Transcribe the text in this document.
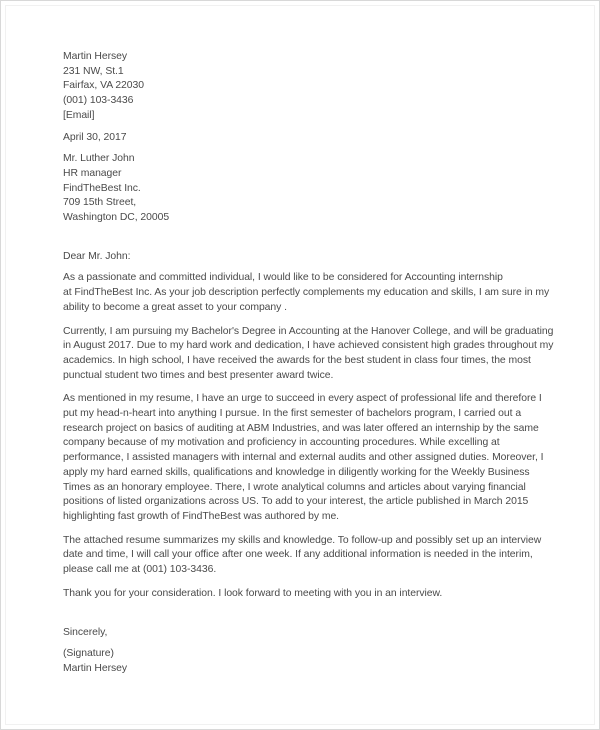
Martin Hersey
231 NW, St.1
Fairfax, VA 22030
(001) 103-3436
[Email]
April 30, 2017
Mr. Luther John
HR manager
FindTheBest Inc.
709 15th Street,
Washington DC, 20005
Dear Mr. John:
As a passionate and committed individual, I would like to be considered for Accounting internship
at FindTheBest Inc. As your job description perfectly complements my education and skills, I am sure in my
ability to become a great asset to your company .
Currently, I am pursuing my Bachelor's Degree in Accounting at the Hanover College, and will be graduating
in August 2017. Due to my hard work and dedication, I have achieved consistent high grades throughout my
academics. In high school, I have received the awards for the best student in class four times, the most
punctual student two times and best presenter award twice.
As mentioned in my resume, I have an urge to succeed in every aspect of professional life and therefore I
put my head-n-heart into anything I pursue. In the first semester of bachelors program, I carried out a
research project on basics of auditing at ABM Industries, and was later offered an internship by the same
company because of my motivation and proficiency in accounting procedures. While excelling at
performance, I assisted managers with internal and external audits and other assigned duties. Moreover, I
apply my hard earned skills, qualifications and knowledge in diligently working for the Weekly Business
Times as an honorary employee. There, I wrote analytical columns and articles about varying financial
positions of listed organizations across US. To add to your interest, the article published in March 2015
highlighting fast growth of FindTheBest was authored by me.
The attached resume summarizes my skills and knowledge. To follow-up and possibly set up an interview
date and time, I will call your office after one week. If any additional information is needed in the interim,
please call me at (001) 103-3436.
Thank you for your consideration. I look forward to meeting with you in an interview.
Sincerely,
(Signature)
Martin Hersey
